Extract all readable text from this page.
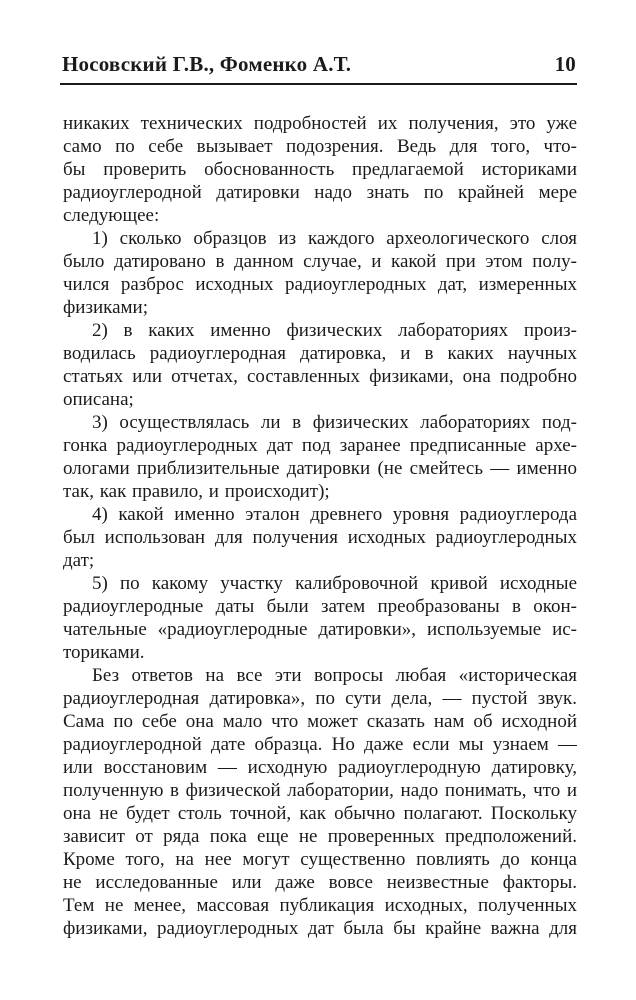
Носовский Г.В., Фоменко А.Т.	10
никаких технических подробностей их получения, это уже
само по себе вызывает подозрения. Ведь для того, что-
бы проверить обоснованность предлагаемой историками
радиоуглеродной датировки надо знать по крайней мере
следующее:
1) сколько образцов из каждого археологического слоя
было датировано в данном случае, и какой при этом полу-
чился разброс исходных радиоуглеродных дат, измеренных
физиками;
2) в каких именно физических лабораториях произ-
водилась радиоуглеродная датировка, и в каких научных
статьях или отчетах, составленных физиками, она подробно
описана;
3) осуществлялась ли в физических лабораториях под-
гонка радиоуглеродных дат под заранее предписанные архе-
ологами приблизительные датировки (не смейтесь — именно
так, как правило, и происходит);
4) какой именно эталон древнего уровня радиоуглерода
был использован для получения исходных радиоуглеродных
дат;
5) по какому участку калибровочной кривой исходные
радиоуглеродные даты были затем преобразованы в окон-
чательные «радиоуглеродные датировки», используемые ис-
ториками.
Без ответов на все эти вопросы любая «историческая
радиоуглеродная датировка», по сути дела, — пустой звук.
Сама по себе она мало что может сказать нам об исходной
радиоуглеродной дате образца. Но даже если мы узнаем —
или восстановим — исходную радиоуглеродную датировку,
полученную в физической лаборатории, надо понимать, что и
она не будет столь точной, как обычно полагают. Поскольку
зависит от ряда пока еще не проверенных предположений.
Кроме того, на нее могут существенно повлиять до конца
не исследованные или даже вовсе неизвестные факторы.
Тем не менее, массовая публикация исходных, полученных
физиками, радиоуглеродных дат была бы крайне важна для
